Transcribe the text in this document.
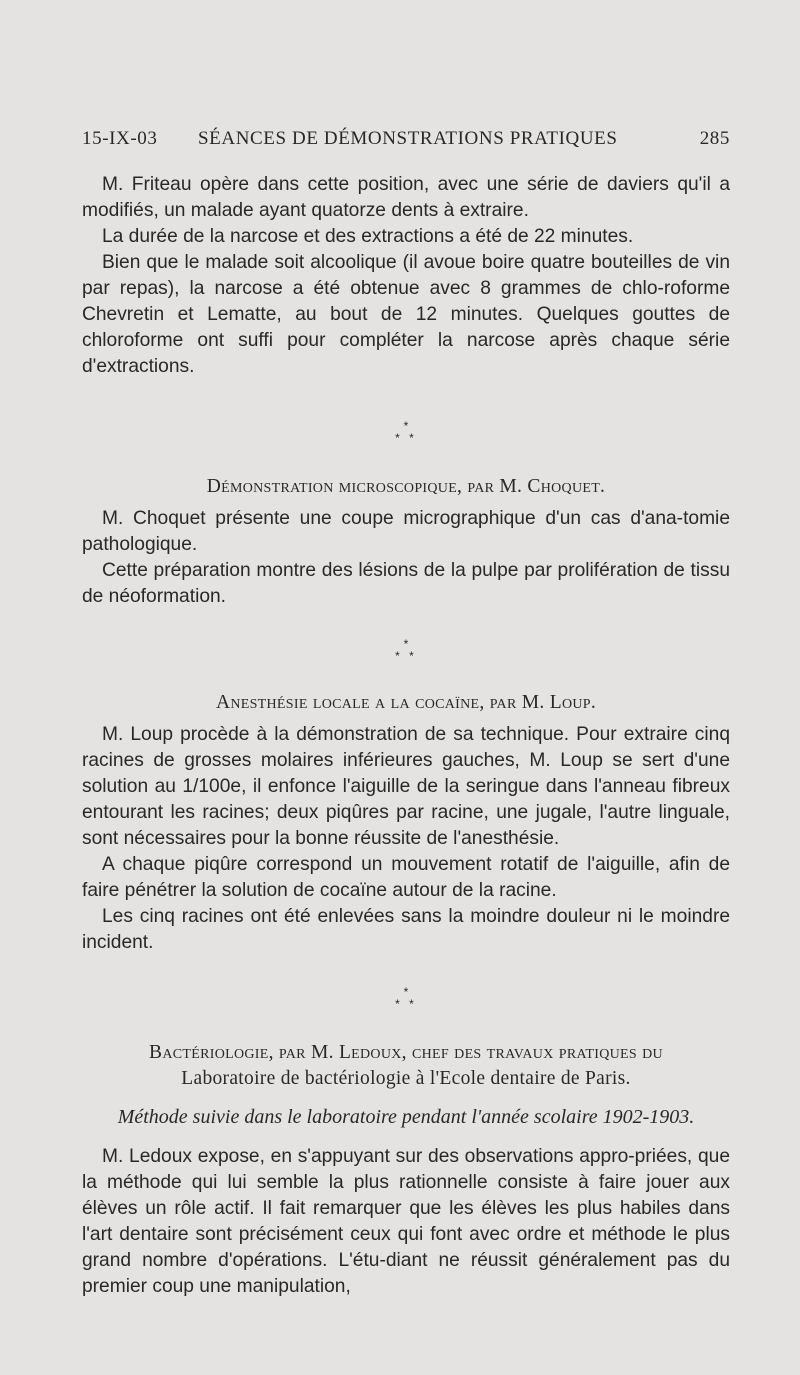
15-IX-03 SÉANCES DE DÉMONSTRATIONS PRATIQUES	285

M. Friteau opère dans cette position, avec une série de daviers qu'il a modifiés, un malade ayant quatorze dents à extraire.

La durée de la narcose et des extractions a été de 22 minutes.

Bien que le malade soit alcoolique (il avoue boire quatre bouteilles de vin par repas), la narcose a été obtenue avec 8 grammes de chlo-roforme Chevretin et Lematte, au bout de 12 minutes. Quelques gouttes de chloroforme ont suffi pour compléter la narcose après chaque série d'extractions.

*
* *

Démonstration microscopique, par M. Choquet.

M. Choquet présente une coupe micrographique d'un cas d'ana-tomie pathologique.

Cette préparation montre des lésions de la pulpe par prolifération de tissu de néoformation.

*
* *

Anesthésie locale a la cocaïne, par M. Loup.

M. Loup procède à la démonstration de sa technique. Pour extraire cinq racines de grosses molaires inférieures gauches, M. Loup se sert d'une solution au 1/100e, il enfonce l'aiguille de la seringue dans l'anneau fibreux entourant les racines; deux piqûres par racine, une jugale, l'autre linguale, sont nécessaires pour la bonne réussite de l'anesthésie.

A chaque piqûre correspond un mouvement rotatif de l'aiguille, afin de faire pénétrer la solution de cocaïne autour de la racine.

Les cinq racines ont été enlevées sans la moindre douleur ni le moindre incident.

*
* *

Bactériologie, par M. Ledoux, chef des travaux pratiques du

Laboratoire de bactériologie à l'Ecole dentaire de Paris.

Méthode suivie dans le laboratoire pendant l'année scolaire 1902-1903.

M. Ledoux expose, en s'appuyant sur des observations appro-priées, que la méthode qui lui semble la plus rationnelle consiste à faire jouer aux élèves un rôle actif. Il fait remarquer que les élèves les plus habiles dans l'art dentaire sont précisément ceux qui font avec ordre et méthode le plus grand nombre d'opérations. L'étu-diant ne réussit généralement pas du premier coup une manipulation,
